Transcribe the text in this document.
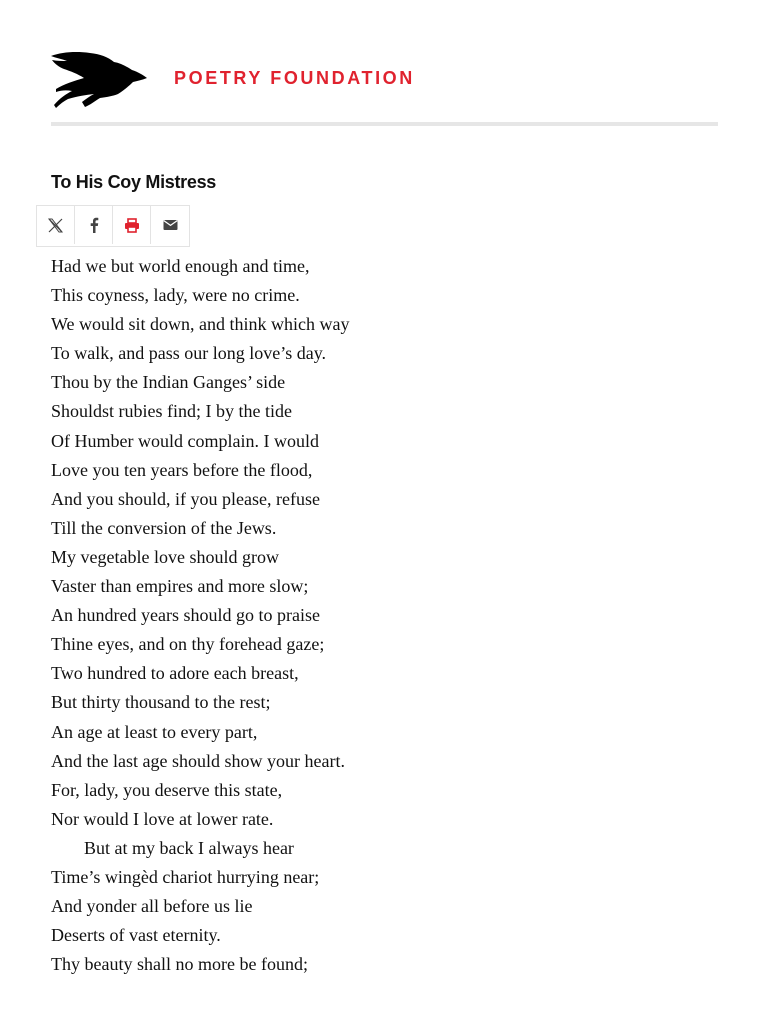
POETRY FOUNDATION
To His Coy Mistress
Had we but world enough and time,
This coyness, lady, were no crime.
We would sit down, and think which way
To walk, and pass our long love’s day.
Thou by the Indian Ganges’ side
Shouldst rubies find; I by the tide
Of Humber would complain. I would
Love you ten years before the flood,
And you should, if you please, refuse
Till the conversion of the Jews.
My vegetable love should grow
Vaster than empires and more slow;
An hundred years should go to praise
Thine eyes, and on thy forehead gaze;
Two hundred to adore each breast,
But thirty thousand to the rest;
An age at least to every part,
And the last age should show your heart.
For, lady, you deserve this state,
Nor would I love at lower rate.
But at my back I always hear
Time’s wingèd chariot hurrying near;
And yonder all before us lie
Deserts of vast eternity.
Thy beauty shall no more be found;
